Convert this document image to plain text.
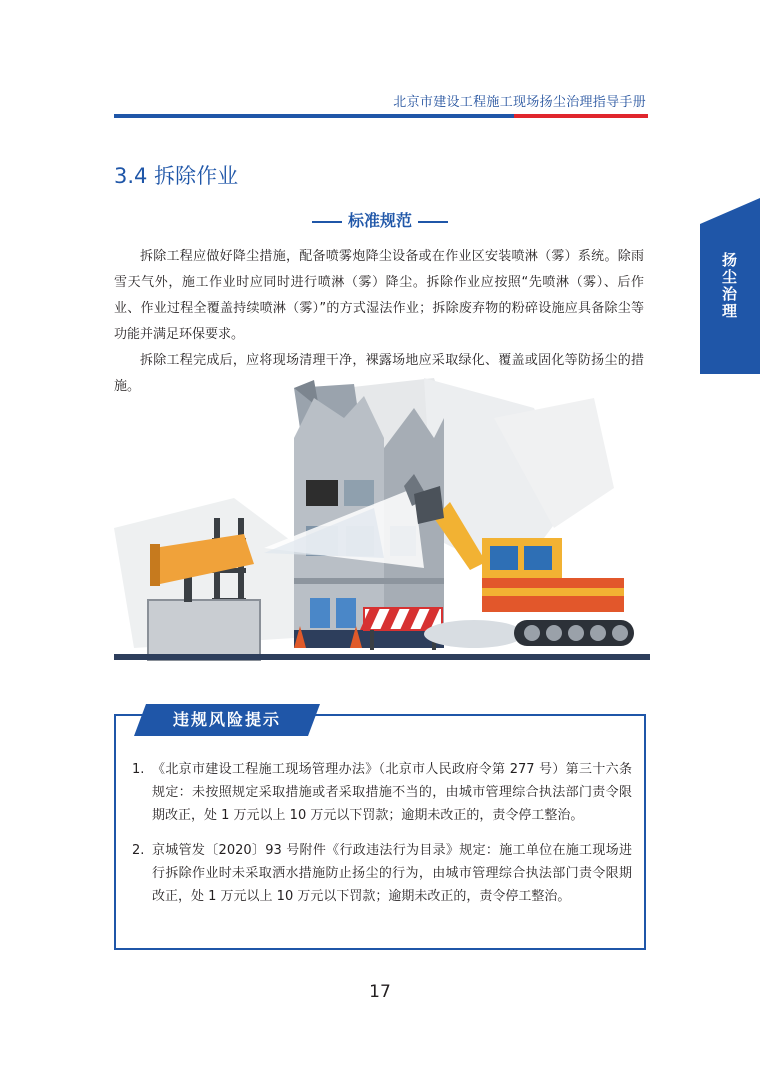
北京市建设工程施工现场扬尘治理指导手册
扬尘治理
3.4 拆除作业
标准规范

拆除工程应做好降尘措施，配备喷雾炮降尘设备或在作业区安装喷淋（雾）系统。除雨雪天气外，施工作业时应同时进行喷淋（雾）降尘。拆除作业应按照“先喷淋（雾）、后作业、作业过程全覆盖持续喷淋（雾）”的方式湿法作业；拆除废弃物的粉碎设施应具备除尘等功能并满足环保要求。

拆除工程完成后，应将现场清理干净，裸露场地应采取绿化、覆盖或固化等防扬尘的措施。

违规风险提示
1. 《北京市建设工程施工现场管理办法》（北京市人民政府令第 277 号）第三十六条规定：未按照规定采取措施或者采取措施不当的，由城市管理综合执法部门责令限期改正，处 1 万元以上 10 万元以下罚款；逾期未改正的，责令停工整治。
2. 京城管发〔2020〕93 号附件《行政违法行为目录》规定：施工单位在施工现场进行拆除作业时未采取洒水措施防止扬尘的行为，由城市管理综合执法部门责令限期改正，处 1 万元以上 10 万元以下罚款；逾期未改正的，责令停工整治。
17
